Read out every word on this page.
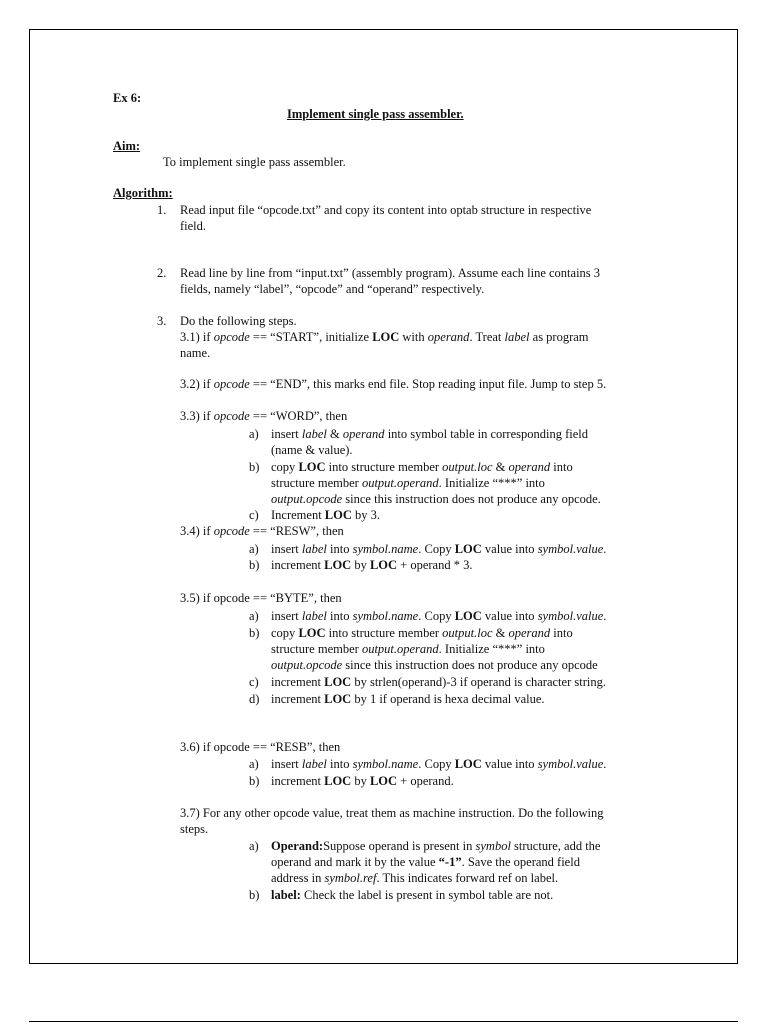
Ex 6:
Implement single pass assembler.
Aim:
To implement single pass assembler.
Algorithm:
1. Read input file “opcode.txt” and copy its content into optab structure in respective
field.
2. Read line by line from “input.txt” (assembly program). Assume each line contains 3
fields, namely “label”, “opcode” and “operand” respectively.
3. Do the following steps.
3.1) if opcode == “START”, initialize LOC with operand. Treat label as program
name.
3.2) if opcode == “END”, this marks end file. Stop reading input file. Jump to step 5.
3.3) if opcode == “WORD”, then
a) insert label & operand into symbol table in corresponding field
(name & value).
b) copy LOC into structure member output.loc & operand into
structure member output.operand. Initialize “***” into
output.opcode since this instruction does not produce any opcode.
c) Increment LOC by 3.
3.4) if opcode == “RESW”, then
a) insert label into symbol.name. Copy LOC value into symbol.value.
b) increment LOC by LOC + operand * 3.
3.5) if opcode == “BYTE”, then
a) insert label into symbol.name. Copy LOC value into symbol.value.
b) copy LOC into structure member output.loc & operand into
structure member output.operand. Initialize “***” into
output.opcode since this instruction does not produce any opcode
c) increment LOC by strlen(operand)-3 if operand is character string.
d) increment LOC by 1 if operand is hexa decimal value.
3.6) if opcode == “RESB”, then
a) insert label into symbol.name. Copy LOC value into symbol.value.
b) increment LOC by LOC + operand.
3.7) For any other opcode value, treat them as machine instruction. Do the following
steps.
a) Operand:Suppose operand is present in symbol structure, add the
operand and mark it by the value “-1”. Save the operand field
address in symbol.ref. This indicates forward ref on label.
b) label: Check the label is present in symbol table are not.
